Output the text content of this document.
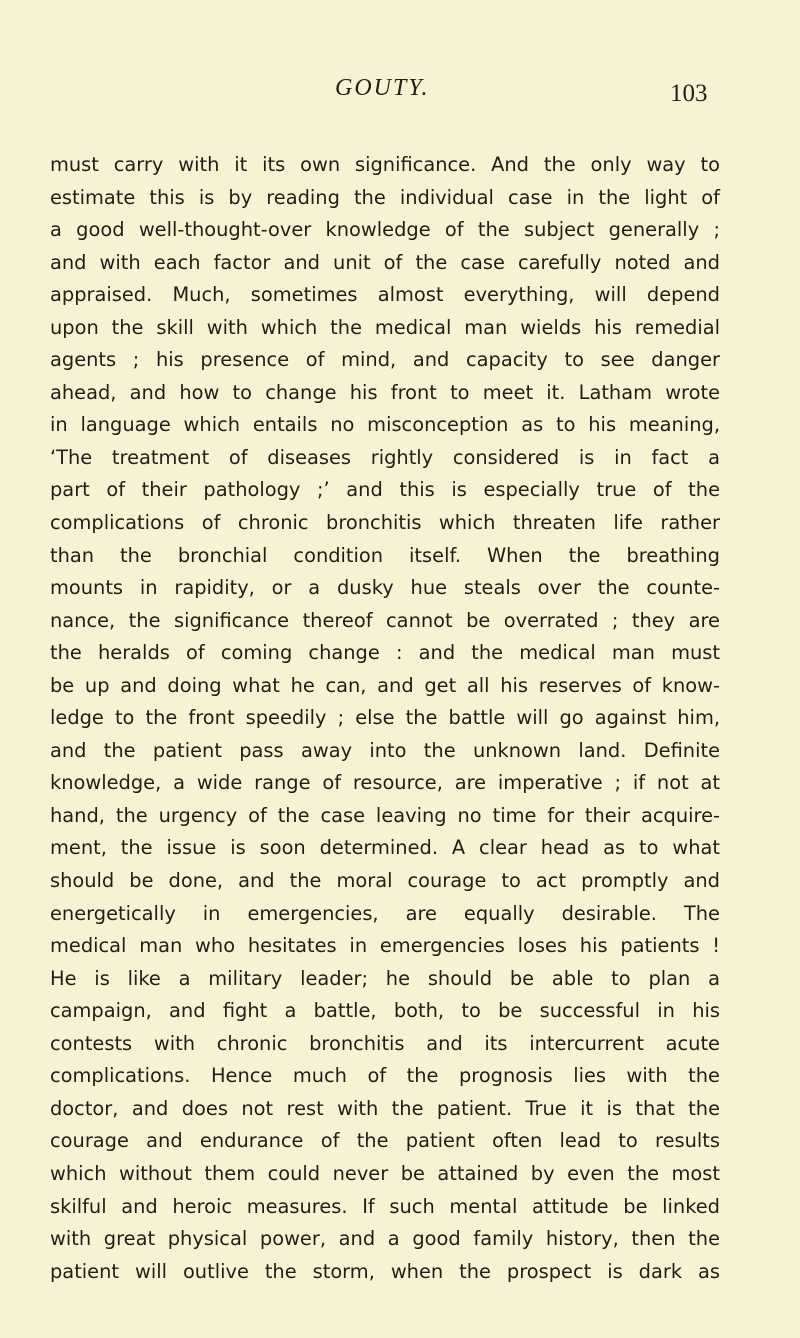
GOUTY.	103
must carry with it its own significance. And the only way to
estimate this is by reading the individual case in the light of
a good well-thought-over knowledge of the subject generally ;
and with each factor and unit of the case carefully noted and
appraised. Much, sometimes almost everything, will depend
upon the skill with which the medical man wields his remedial
agents ; his presence of mind, and capacity to see danger
ahead, and how to change his front to meet it. Latham wrote
in language which entails no misconception as to his meaning,
‘The treatment of diseases rightly considered is in fact a
part of their pathology ;’ and this is especially true of the
complications of chronic bronchitis which threaten life rather
than the bronchial condition itself. When the breathing
mounts in rapidity, or a dusky hue steals over the counte-
nance, the significance thereof cannot be overrated ; they are
the heralds of coming change : and the medical man must
be up and doing what he can, and get all his reserves of know-
ledge to the front speedily ; else the battle will go against him,
and the patient pass away into the unknown land. Definite
knowledge, a wide range of resource, are imperative ; if not at
hand, the urgency of the case leaving no time for their acquire-
ment, the issue is soon determined. A clear head as to what
should be done, and the moral courage to act promptly and
energetically in emergencies, are equally desirable. The
medical man who hesitates in emergencies loses his patients !
He is like a military leader; he should be able to plan a
campaign, and fight a battle, both, to be successful in his
contests with chronic bronchitis and its intercurrent acute
complications. Hence much of the prognosis lies with the
doctor, and does not rest with the patient. True it is that the
courage and endurance of the patient often lead to results
which without them could never be attained by even the most
skilful and heroic measures. If such mental attitude be linked
with great physical power, and a good family history, then the
patient will outlive the storm, when the prospect is dark as
